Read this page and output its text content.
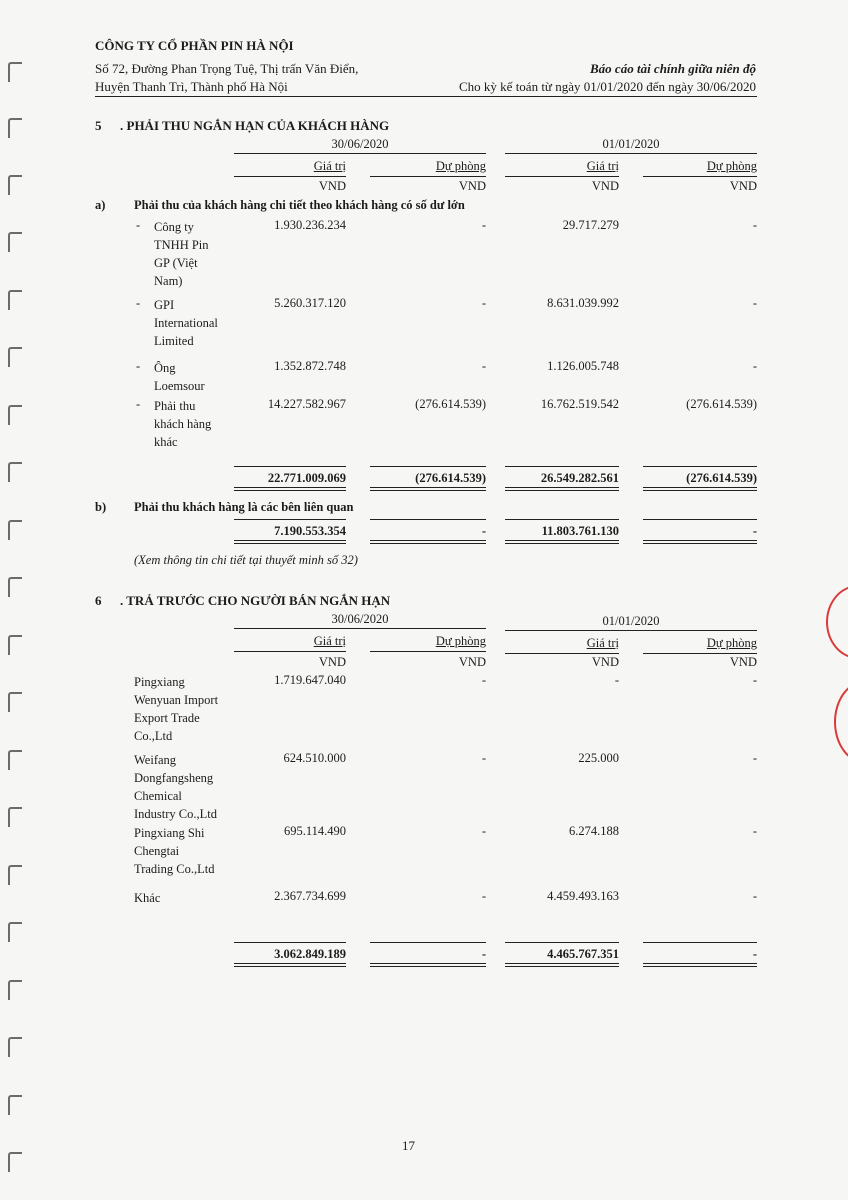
CÔNG TY CỔ PHẦN PIN HÀ NỘI
Số 72, Đường Phan Trọng Tuệ, Thị trấn Văn Điển,
Huyện Thanh Trì, Thành phố Hà Nội
Báo cáo tài chính giữa niên độ
Cho kỳ kế toán từ ngày 01/01/2020 đến ngày 30/06/2020
5 . PHẢI THU NGẮN HẠN CỦA KHÁCH HÀNG
30/06/2020	01/01/2020
Giá trị	Dự phòng	Giá trị	Dự phòng
VND	VND	VND	VND
a) Phải thu của khách hàng chi tiết theo khách hàng có số dư lớn
- Công ty
TNHH Pin
GP (Việt
Nam)
1.930.236.234	-	29.717.279	-
- GPI
International
Limited
5.260.317.120	-	8.631.039.992	-
- Ông
Loemsour
1.352.872.748	-	1.126.005.748	-
- Phải thu
khách hàng
khác
14.227.582.967	(276.614.539)	16.762.519.542	(276.614.539)
22.771.009.069	(276.614.539)	26.549.282.561	(276.614.539)
b) Phải thu khách hàng là các bên liên quan
7.190.553.354	-	11.803.761.130	-
(Xem thông tin chi tiết tại thuyết minh số 32)
6 . TRẢ TRƯỚC CHO NGƯỜI BÁN NGẮN HẠN
30/06/2020	01/01/2020
Giá trị	Dự phòng	Giá trị	Dự phòng
VND	VND	VND	VND
Pingxiang
Wenyuan Import
Export Trade
Co.,Ltd
1.719.647.040	-	-	-
Weifang
Dongfangsheng
Chemical
Industry Co.,Ltd
624.510.000	-	225.000	-
Pingxiang Shi
Chengtai
Trading Co.,Ltd
695.114.490	-	6.274.188	-
Khác	2.367.734.699	-	4.459.493.163	-
3.062.849.189	-	4.465.767.351	-
17
